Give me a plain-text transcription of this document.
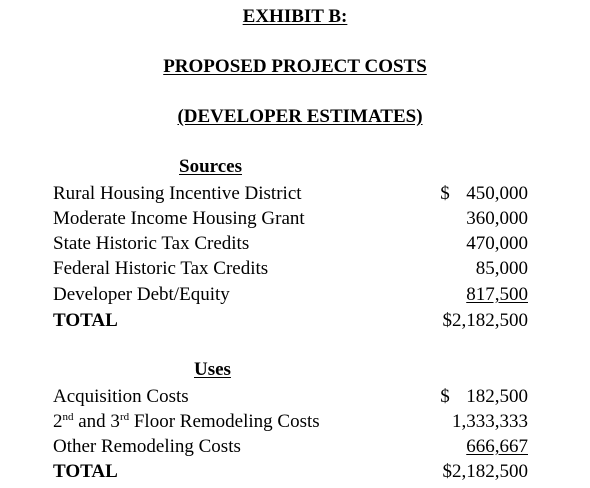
EXHIBIT B:
PROPOSED PROJECT COSTS
(DEVELOPER ESTIMATES)
Sources
Rural Housing Incentive District	$ 450,000
Moderate Income Housing Grant	360,000
State Historic Tax Credits	470,000
Federal Historic Tax Credits	85,000
Developer Debt/Equity	817,500
TOTAL	$2,182,500
Uses
Acquisition Costs	$ 182,500
2nd and 3rd Floor Remodeling Costs	1,333,333
Other Remodeling Costs	666,667
TOTAL	$2,182,500
